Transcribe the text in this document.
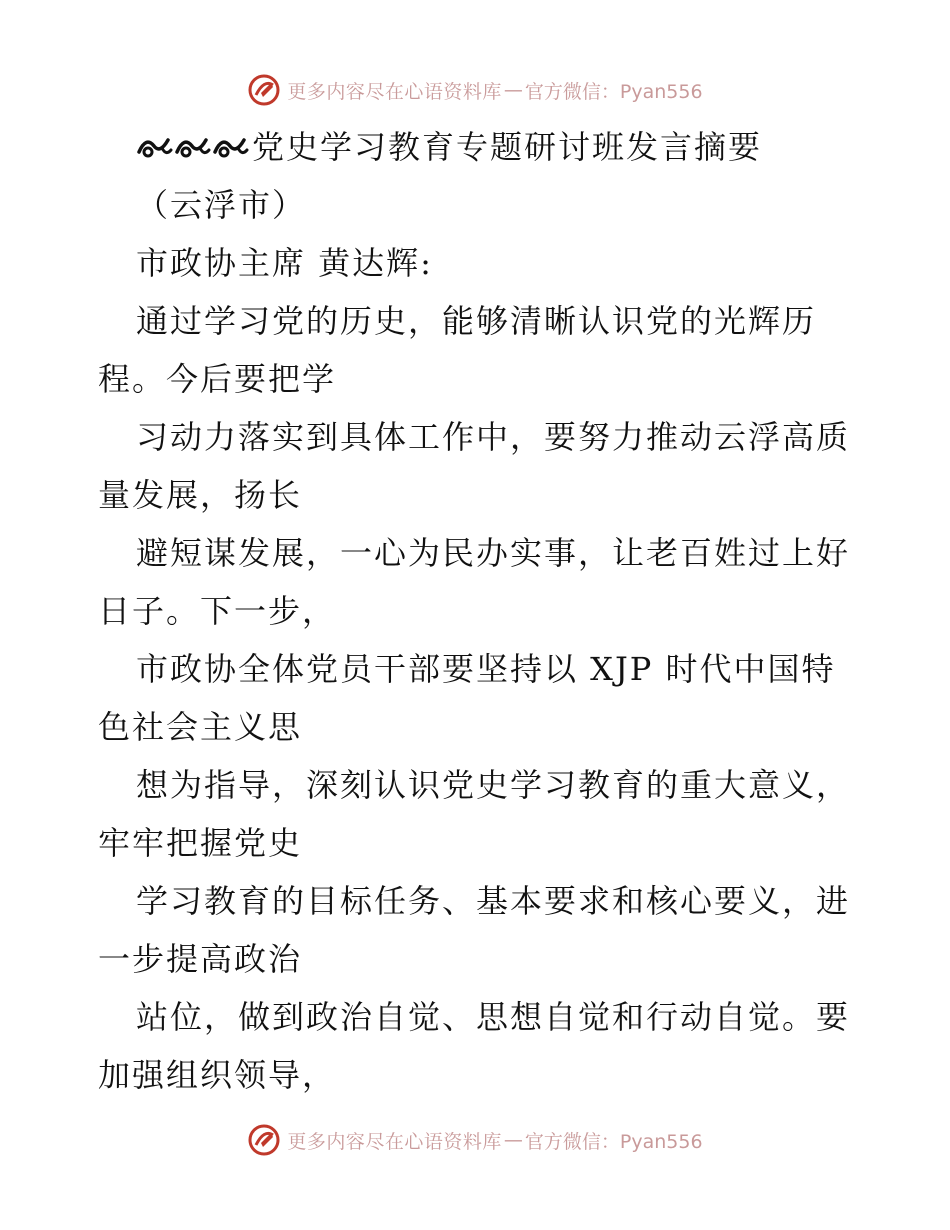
更多内容尽在心语资料库 — 官方微信：Pyan556
党史学习教育专题研讨班发言摘要
（云浮市）
市政协主席 黄达辉:
通过学习党的历史，能够清晰认识党的光辉历
程。今后要把学
习动力落实到具体工作中，要努力推动云浮高质
量发展，扬长
避短谋发展，一心为民办实事，让老百姓过上好
日子。下一步，
市政协全体党员干部要坚持以 XJP 时代中国特
色社会主义思
想为指导，深刻认识党史学习教育的重大意义，
牢牢把握党史
学习教育的目标任务、基本要求和核心要义，进
一步提高政治
站位，做到政治自觉、思想自觉和行动自觉。要
加强组织领导，
更多内容尽在心语资料库 — 官方微信：Pyan556
